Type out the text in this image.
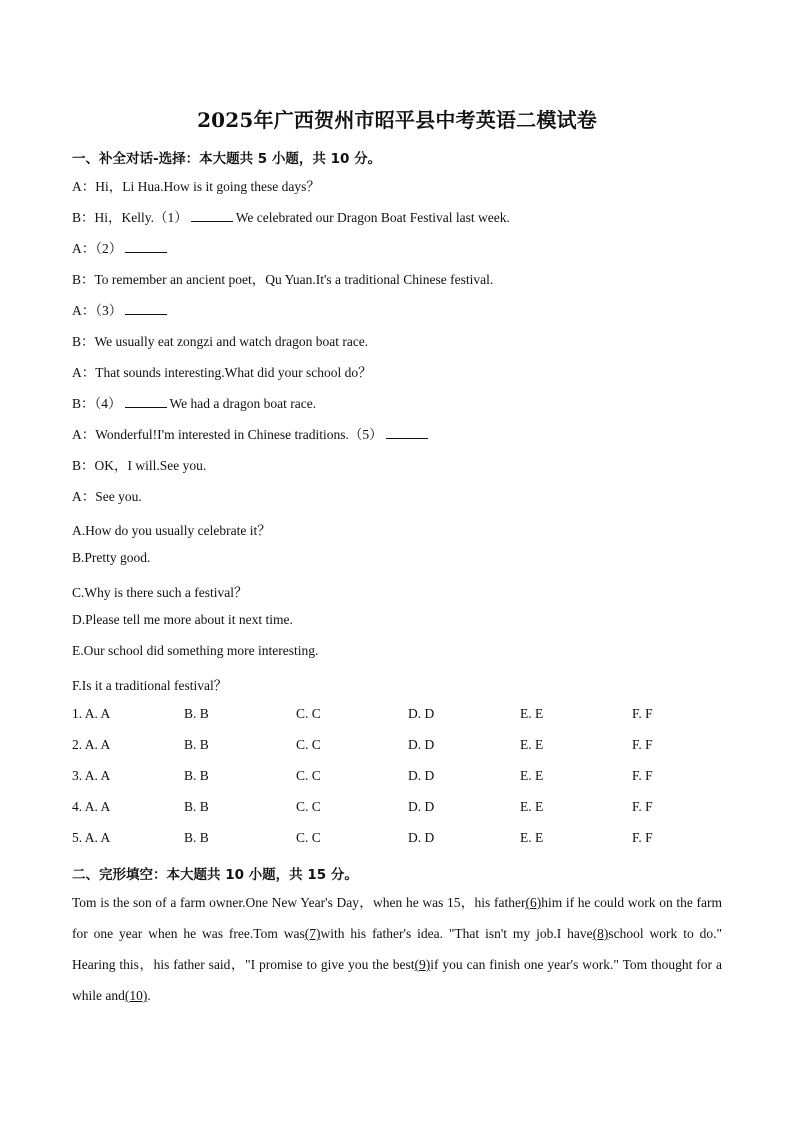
2025年广西贺州市昭平县中考英语二模试卷
一、补全对话-选择：本大题共 5 小题，共 10 分。
A：Hi，Li Hua.How is it going these days？
B：Hi，Kelly.（1）	We celebrated our Dragon Boat Festival last week.
A：（2）
B：To remember an ancient poet，Qu Yuan.It's a traditional Chinese festival.
A：（3）
B：We usually eat zongzi and watch dragon boat race.
A：That sounds interesting.What did your school do？
B：（4）	We had a dragon boat race.
A：Wonderful!I'm interested in Chinese traditions.（5）
B：OK，I will.See you.
A：See you.
A.How do you usually celebrate it？
B.Pretty good.
C.Why is there such a festival？
D.Please tell me more about it next time.
E.Our school did something more interesting.
F.Is it a traditional festival？
1. A. A	B. B	C. C	D. D	E. E	F. F
2. A. A	B. B	C. C	D. D	E. E	F. F
3. A. A	B. B	C. C	D. D	E. E	F. F
4. A. A	B. B	C. C	D. D	E. E	F. F
5. A. A	B. B	C. C	D. D	E. E	F. F
二、完形填空：本大题共 10 小题，共 15 分。
Tom is the son of a farm owner.One New Year's Day，when he was 15，his father(6)him if he could work on the farm for one year when he was free.Tom was(7)with his father's idea. "That isn't my job.I have(8)school work to do." Hearing this，his father said，"I promise to give you the best(9)if you can finish one year's work." Tom thought for a while and(10).
